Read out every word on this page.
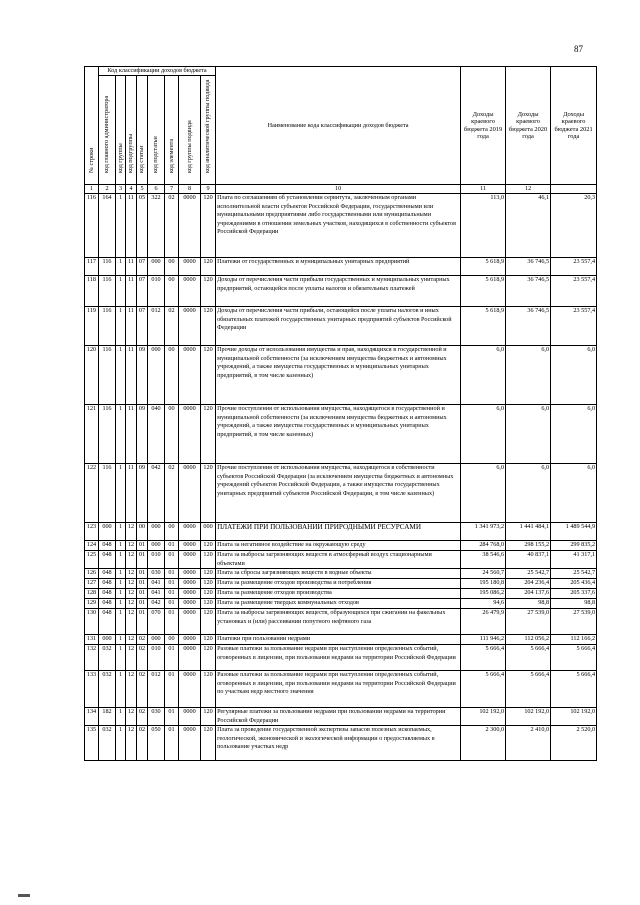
87
№ строки	Код классификации доходов бюджета								Наименование кода классификации доходов бюджета	Доходы краевого бюджета 2019 года	Доходы краевого бюджета 2020 года	Доходы краевого бюджета 2021 года

	код главного администратора	код группы	код подгруппы	код статьи	код подстатьи	код элемента	код группы подвида	код аналитической группы подвида				

1	2	3	4	5	6	7	8	9	10	11	12	
116	164	1	11	05	322	02	0000	120	Плата по соглашениям об установлении сервитута, заключенным органами исполнительной власти субъектов Российской Федерации, государственными или муниципальными предприятиями либо государственными или муниципальными учреждениями в отношении земельных участков, находящихся в собственности субъектов Российской Федерации	113,0	46,1	20,3
117	116	1	11	07	000	00	0000	120	Платежи от государственных и муниципальных унитарных предприятий	5 618,9	36 746,5	23 557,4
118	116	1	11	07	010	00	0000	120	Доходы от перечисления части прибыли государственных и муниципальных унитарных предприятий, остающейся после уплаты налогов и обязательных платежей	5 618,9	36 746,5	23 557,4
119	116	1	11	07	012	02	0000	120	Доходы от перечисления части прибыли, остающейся после уплаты налогов и иных обязательных платежей государственных унитарных предприятий субъектов Российской Федерации	5 618,9	36 746,5	23 557,4
120	116	1	11	09	000	00	0000	120	Прочие доходы от использования имущества и прав, находящихся в государственной и муниципальной собственности (за исключением имущества бюджетных и автономных учреждений, а также имущества государственных и муниципальных унитарных предприятий, в том числе казенных)	6,0	6,0	6,0
121	116	1	11	09	040	00	0000	120	Прочие поступления от использования имущества, находящегося в государственной и муниципальной собственности (за исключением имущества бюджетных и автономных учреждений, а также имущества государственных и муниципальных унитарных предприятий, в том числе казенных)	6,0	6,0	6,0
122	116	1	11	09	042	02	0000	120	Прочие поступления от использования имущества, находящегося в собственности субъектов Российской Федерации (за исключением имущества бюджетных и автономных учреждений субъектов Российской Федерации, а также имущества государственных унитарных предприятий субъектов Российской Федерации, в том числе казенных)	6,0	6,0	6,0
123	000	1	12	00	000	00	0000	000	ПЛАТЕЖИ ПРИ ПОЛЬЗОВАНИИ ПРИРОДНЫМИ РЕСУРСАМИ	1 341 973,2	1 441 484,1	1 489 544,9
124	048	1	12	01	000	01	0000	120	Плата за негативное воздействие на окружающую среду	284 768,0	298 155,2	299 835,2
125	048	1	12	01	010	01	0000	120	Плата за выбросы загрязняющих веществ в атмосферный воздух стационарными объектами	38 546,6	40 837,1	41 317,1
126	048	1	12	01	030	01	0000	120	Плата за сбросы загрязняющих веществ в водные объекты	24 560,7	25 542,7	25 542,7
127	048	1	12	01	041	01	0000	120	Плата за размещение отходов производства и потребления	195 180,8	204 236,4	205 436,4
128	048	1	12	01	041	01	0000	120	Плата за размещение отходов производства	195 086,2	204 137,6	205 337,6
129	048	1	12	01	042	01	0000	120	Плата за размещение твердых коммунальных отходов	94,6	98,8	98,8
130	048	1	12	01	070	01	0000	120	Плата за выбросы загрязняющих веществ, образующихся при сжигании на факельных установках и (или) рассеивании попутного нефтяного газа	26 479,9	27 539,0	27 539,0
131	000	1	12	02	000	00	0000	120	Платежи при пользовании недрами	111 946,2	112 056,2	112 166,2
132	032	1	12	02	010	01	0000	120	Разовые платежи за пользование недрами при наступлении определенных событий, оговоренных в лицензии, при пользовании недрами на территории Российской Федерации	5 666,4	5 666,4	5 666,4
133	032	1	12	02	012	01	0000	120	Разовые платежи за пользование недрами при наступлении определенных событий, оговоренных в лицензии, при пользовании недрами на территории Российской Федерации по участкам недр местного значения	5 666,4	5 666,4	5 666,4
134	182	1	12	02	030	01	0000	120	Регулярные платежи за пользование недрами при пользовании недрами на территории Российской Федерации	102 192,0	102 192,0	102 192,0
135	032	1	12	02	050	01	0000	120	Плата за проведение государственной экспертизы запасов полезных ископаемых, геологической, экономической и экологической информации о предоставляемых в пользование участках недр	2 300,0	2 410,0	2 520,0
